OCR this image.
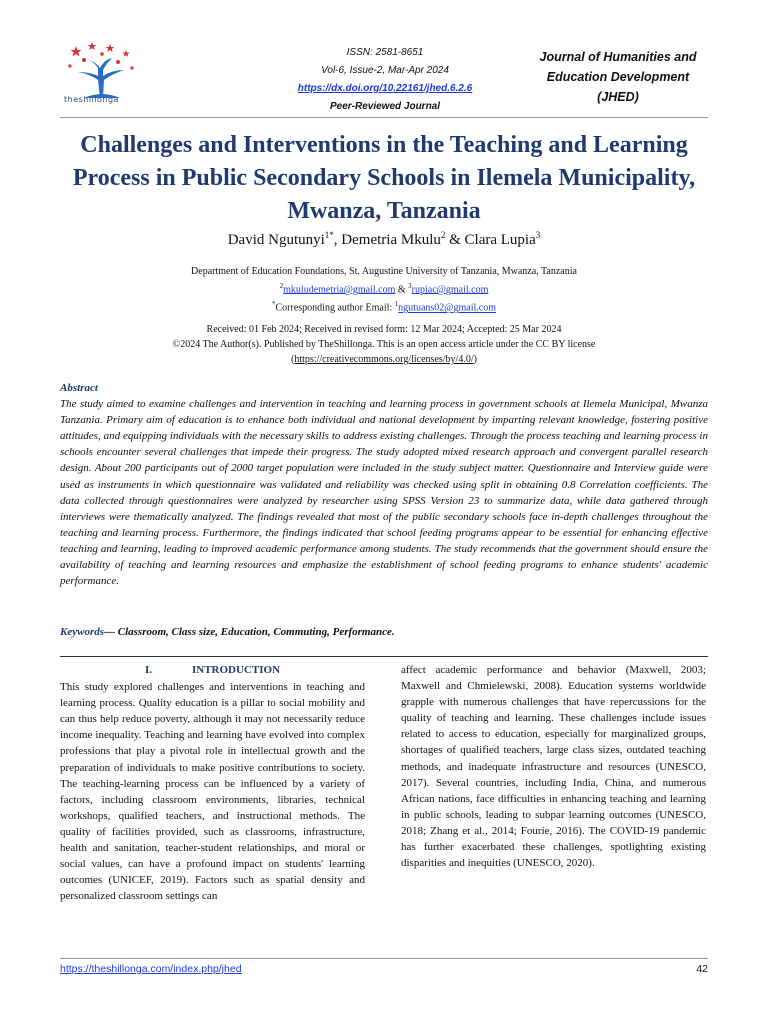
theshillonga
ISSN: 2581-8651
Vol-6, Issue-2, Mar-Apr 2024
https://dx.doi.org/10.22161/jhed.6.2.6
Peer-Reviewed Journal
Journal of Humanities and
Education Development
(JHED)
Challenges and Interventions in the Teaching and Learning Process in Public Secondary Schools in Ilemela Municipality, Mwanza, Tanzania
David Ngutunyi$^{1*}$, Demetria Mkulu$^2$ & Clara Lupia$^3$
Department of Education Foundations, St. Augustine University of Tanzania, Mwanza, Tanzania
$^2$mkuludemetria@gmail.com & $^3$rupiac@gmail.com
*Corresponding author Email: $^1$ngutuans02@gmail.com
Received: 01 Feb 2024; Received in revised form: 12 Mar 2024; Accepted: 25 Mar 2024
©2024 The Author(s). Published by TheShillonga. This is an open access article under the CC BY license
(https://creativecommons.org/licenses/by/4.0/)
Abstract
The study aimed to examine challenges and intervention in teaching and learning process in government schools at Ilemela Municipal, Mwanza Tanzania. Primary aim of education is to enhance both individual and national development by imparting relevant knowledge, fostering positive attitudes, and equipping individuals with the necessary skills to address existing challenges. Through the process teaching and learning process in schools encounter several challenges that impede their progress. The study adopted mixed research approach and convergent parallel research design. About 200 participants out of 2000 target population were included in the study subject matter. Questionnaire and Interview guide were used as instruments in which questionnaire was validated and reliability was checked using split in obtaining 0.8 Correlation coefficients. The data collected through questionnaires were analyzed by researcher using SPSS Version 23 to summarize data, while data gathered through interviews were thematically analyzed. The findings revealed that most of the public secondary schools face in-depth challenges throughout the teaching and learning process. Furthermore, the findings indicated that school feeding programs appear to be essential for enhancing effective teaching and learning, leading to improved academic performance among students. The study recommends that the government should ensure the availability of teaching and learning resources and emphasize the establishment of school feeding programs to enhance students' academic performance.
Keywords— Classroom, Class size, Education, Commuting, Performance.
I.	INTRODUCTION
This study explored challenges and interventions in teaching and learning process. Quality education is a pillar to social mobility and can thus help reduce poverty, although it may not necessarily reduce income inequality. Teaching and learning have evolved into complex professions that play a pivotal role in intellectual growth and the preparation of individuals to make positive contributions to society. The teaching-learning process can be influenced by a variety of factors, including classroom environments, libraries, technical workshops, qualified teachers, and instructional methods. The quality of facilities provided, such as classrooms, infrastructure, health and sanitation, teacher-student relationships, and moral or social values, can have a profound impact on students' learning outcomes (UNICEF, 2019). Factors such as spatial density and personalized classroom settings can
affect academic performance and behavior (Maxwell, 2003; Maxwell and Chmielewski, 2008). Education systems worldwide grapple with numerous challenges that have repercussions for the quality of teaching and learning. These challenges include issues related to access to education, especially for marginalized groups, shortages of qualified teachers, large class sizes, outdated teaching methods, and inadequate infrastructure and resources (UNESCO, 2017). Several countries, including India, China, and numerous African nations, face difficulties in enhancing teaching and learning in public schools, leading to subpar learning outcomes (UNESCO, 2018; Zhang et al., 2014; Fourie, 2016). The COVID-19 pandemic has further exacerbated these challenges, spotlighting existing disparities and inequities (UNESCO, 2020).
https://theshillonga.com/index.php/jhed	42
